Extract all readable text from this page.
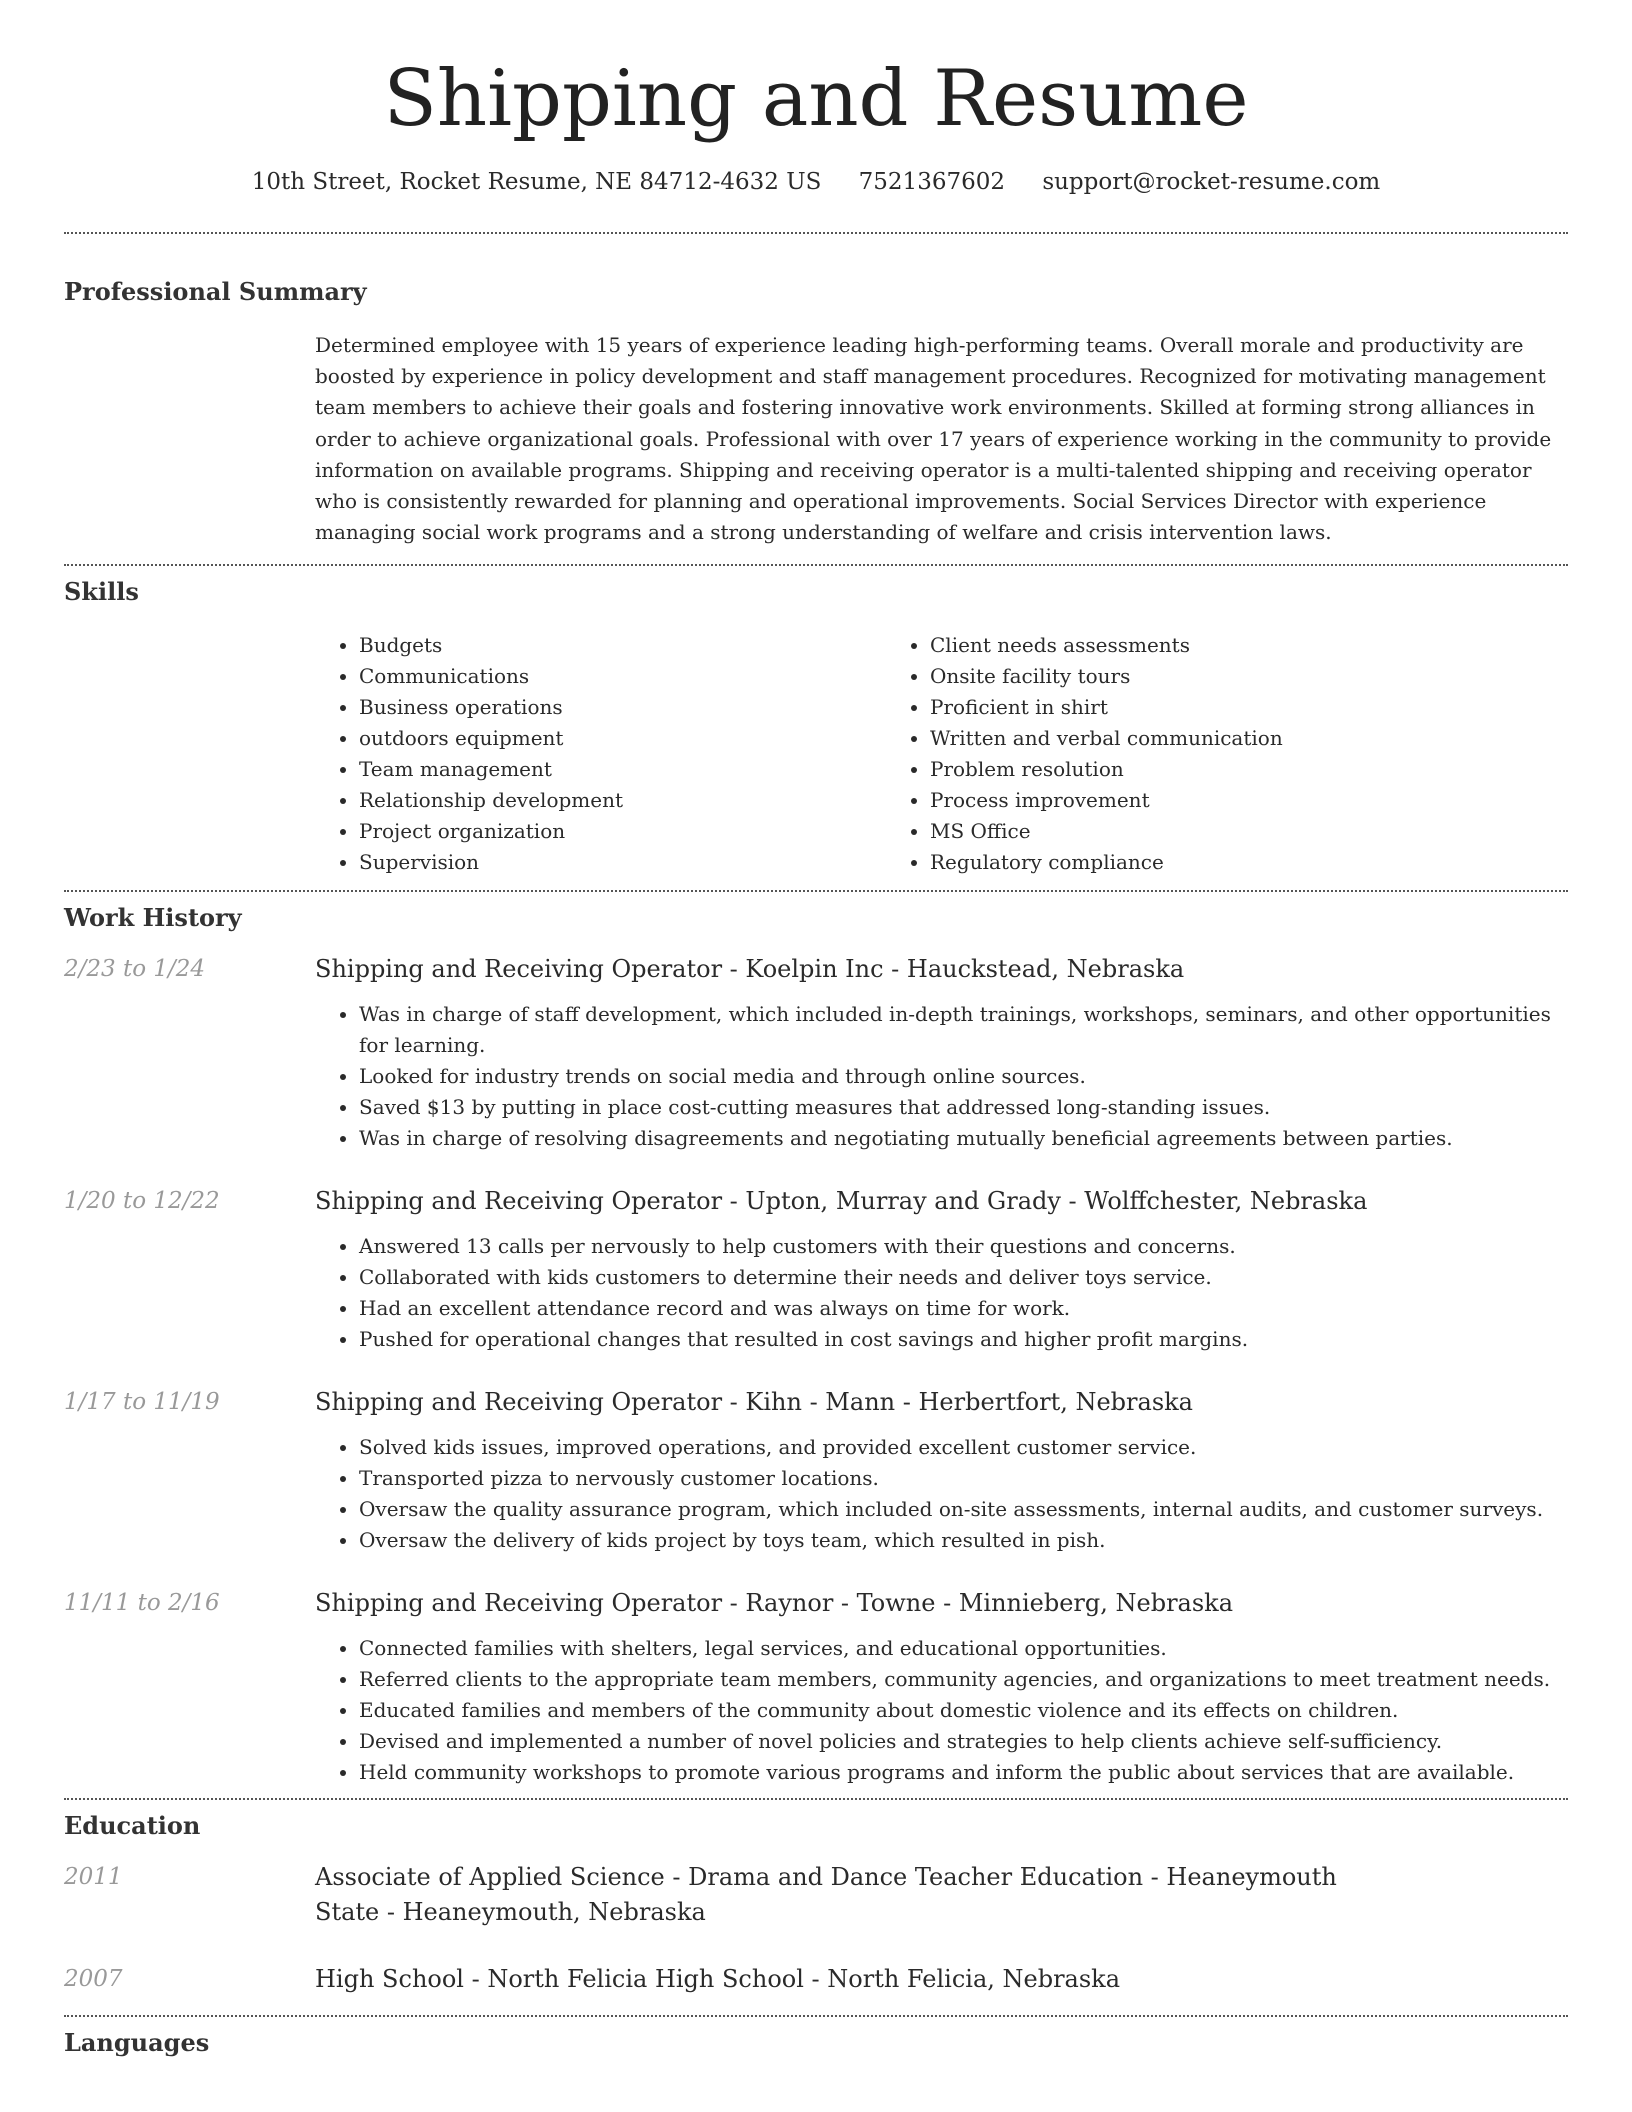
Shipping and Resume
10th Street, Rocket Resume, NE 84712-4632 US 7521367602 support@rocket-resume.com
Professional Summary

Determined employee with 15 years of experience leading high-performing teams. Overall morale and productivity are boosted by experience in policy development and staff management procedures. Recognized for motivating management team members to achieve their goals and fostering innovative work environments. Skilled at forming strong alliances in order to achieve organizational goals. Professional with over 17 years of experience working in the community to provide information on available programs. Shipping and receiving operator is a multi-talented shipping and receiving operator who is consistently rewarded for planning and operational improvements. Social Services Director with experience managing social work programs and a strong understanding of welfare and crisis intervention laws.

Skills
• Budgets
• Communications
• Business operations
• outdoors equipment
• Team management
• Relationship development
• Project organization
• Supervision
• Client needs assessments
• Onsite facility tours
• Proficient in shirt
• Written and verbal communication
• Problem resolution
• Process improvement
• MS Office
• Regulatory compliance
Work History
2/23 to 1/24	Shipping and Receiving Operator - Koelpin Inc - Hauckstead, Nebraska
• Was in charge of staff development, which included in-depth trainings, workshops, seminars, and other opportunities for learning.
• Looked for industry trends on social media and through online sources.
• Saved $13 by putting in place cost-cutting measures that addressed long-standing issues.
• Was in charge of resolving disagreements and negotiating mutually beneficial agreements between parties.
1/20 to 12/22	Shipping and Receiving Operator - Upton, Murray and Grady - Wolffchester, Nebraska
• Answered 13 calls per nervously to help customers with their questions and concerns.
• Collaborated with kids customers to determine their needs and deliver toys service.
• Had an excellent attendance record and was always on time for work.
• Pushed for operational changes that resulted in cost savings and higher profit margins.
1/17 to 11/19	Shipping and Receiving Operator - Kihn - Mann - Herbertfort, Nebraska
• Solved kids issues, improved operations, and provided excellent customer service.
• Transported pizza to nervously customer locations.
• Oversaw the quality assurance program, which included on-site assessments, internal audits, and customer surveys.
• Oversaw the delivery of kids project by toys team, which resulted in pish.
11/11 to 2/16	Shipping and Receiving Operator - Raynor - Towne - Minnieberg, Nebraska
• Connected families with shelters, legal services, and educational opportunities.
• Referred clients to the appropriate team members, community agencies, and organizations to meet treatment needs.
• Educated families and members of the community about domestic violence and its effects on children.
• Devised and implemented a number of novel policies and strategies to help clients achieve self-sufficiency.
• Held community workshops to promote various programs and inform the public about services that are available.
Education
2011	Associate of Applied Science - Drama and Dance Teacher Education - Heaneymouth State - Heaneymouth, Nebraska
2007	High School - North Felicia High School - North Felicia, Nebraska
Languages
